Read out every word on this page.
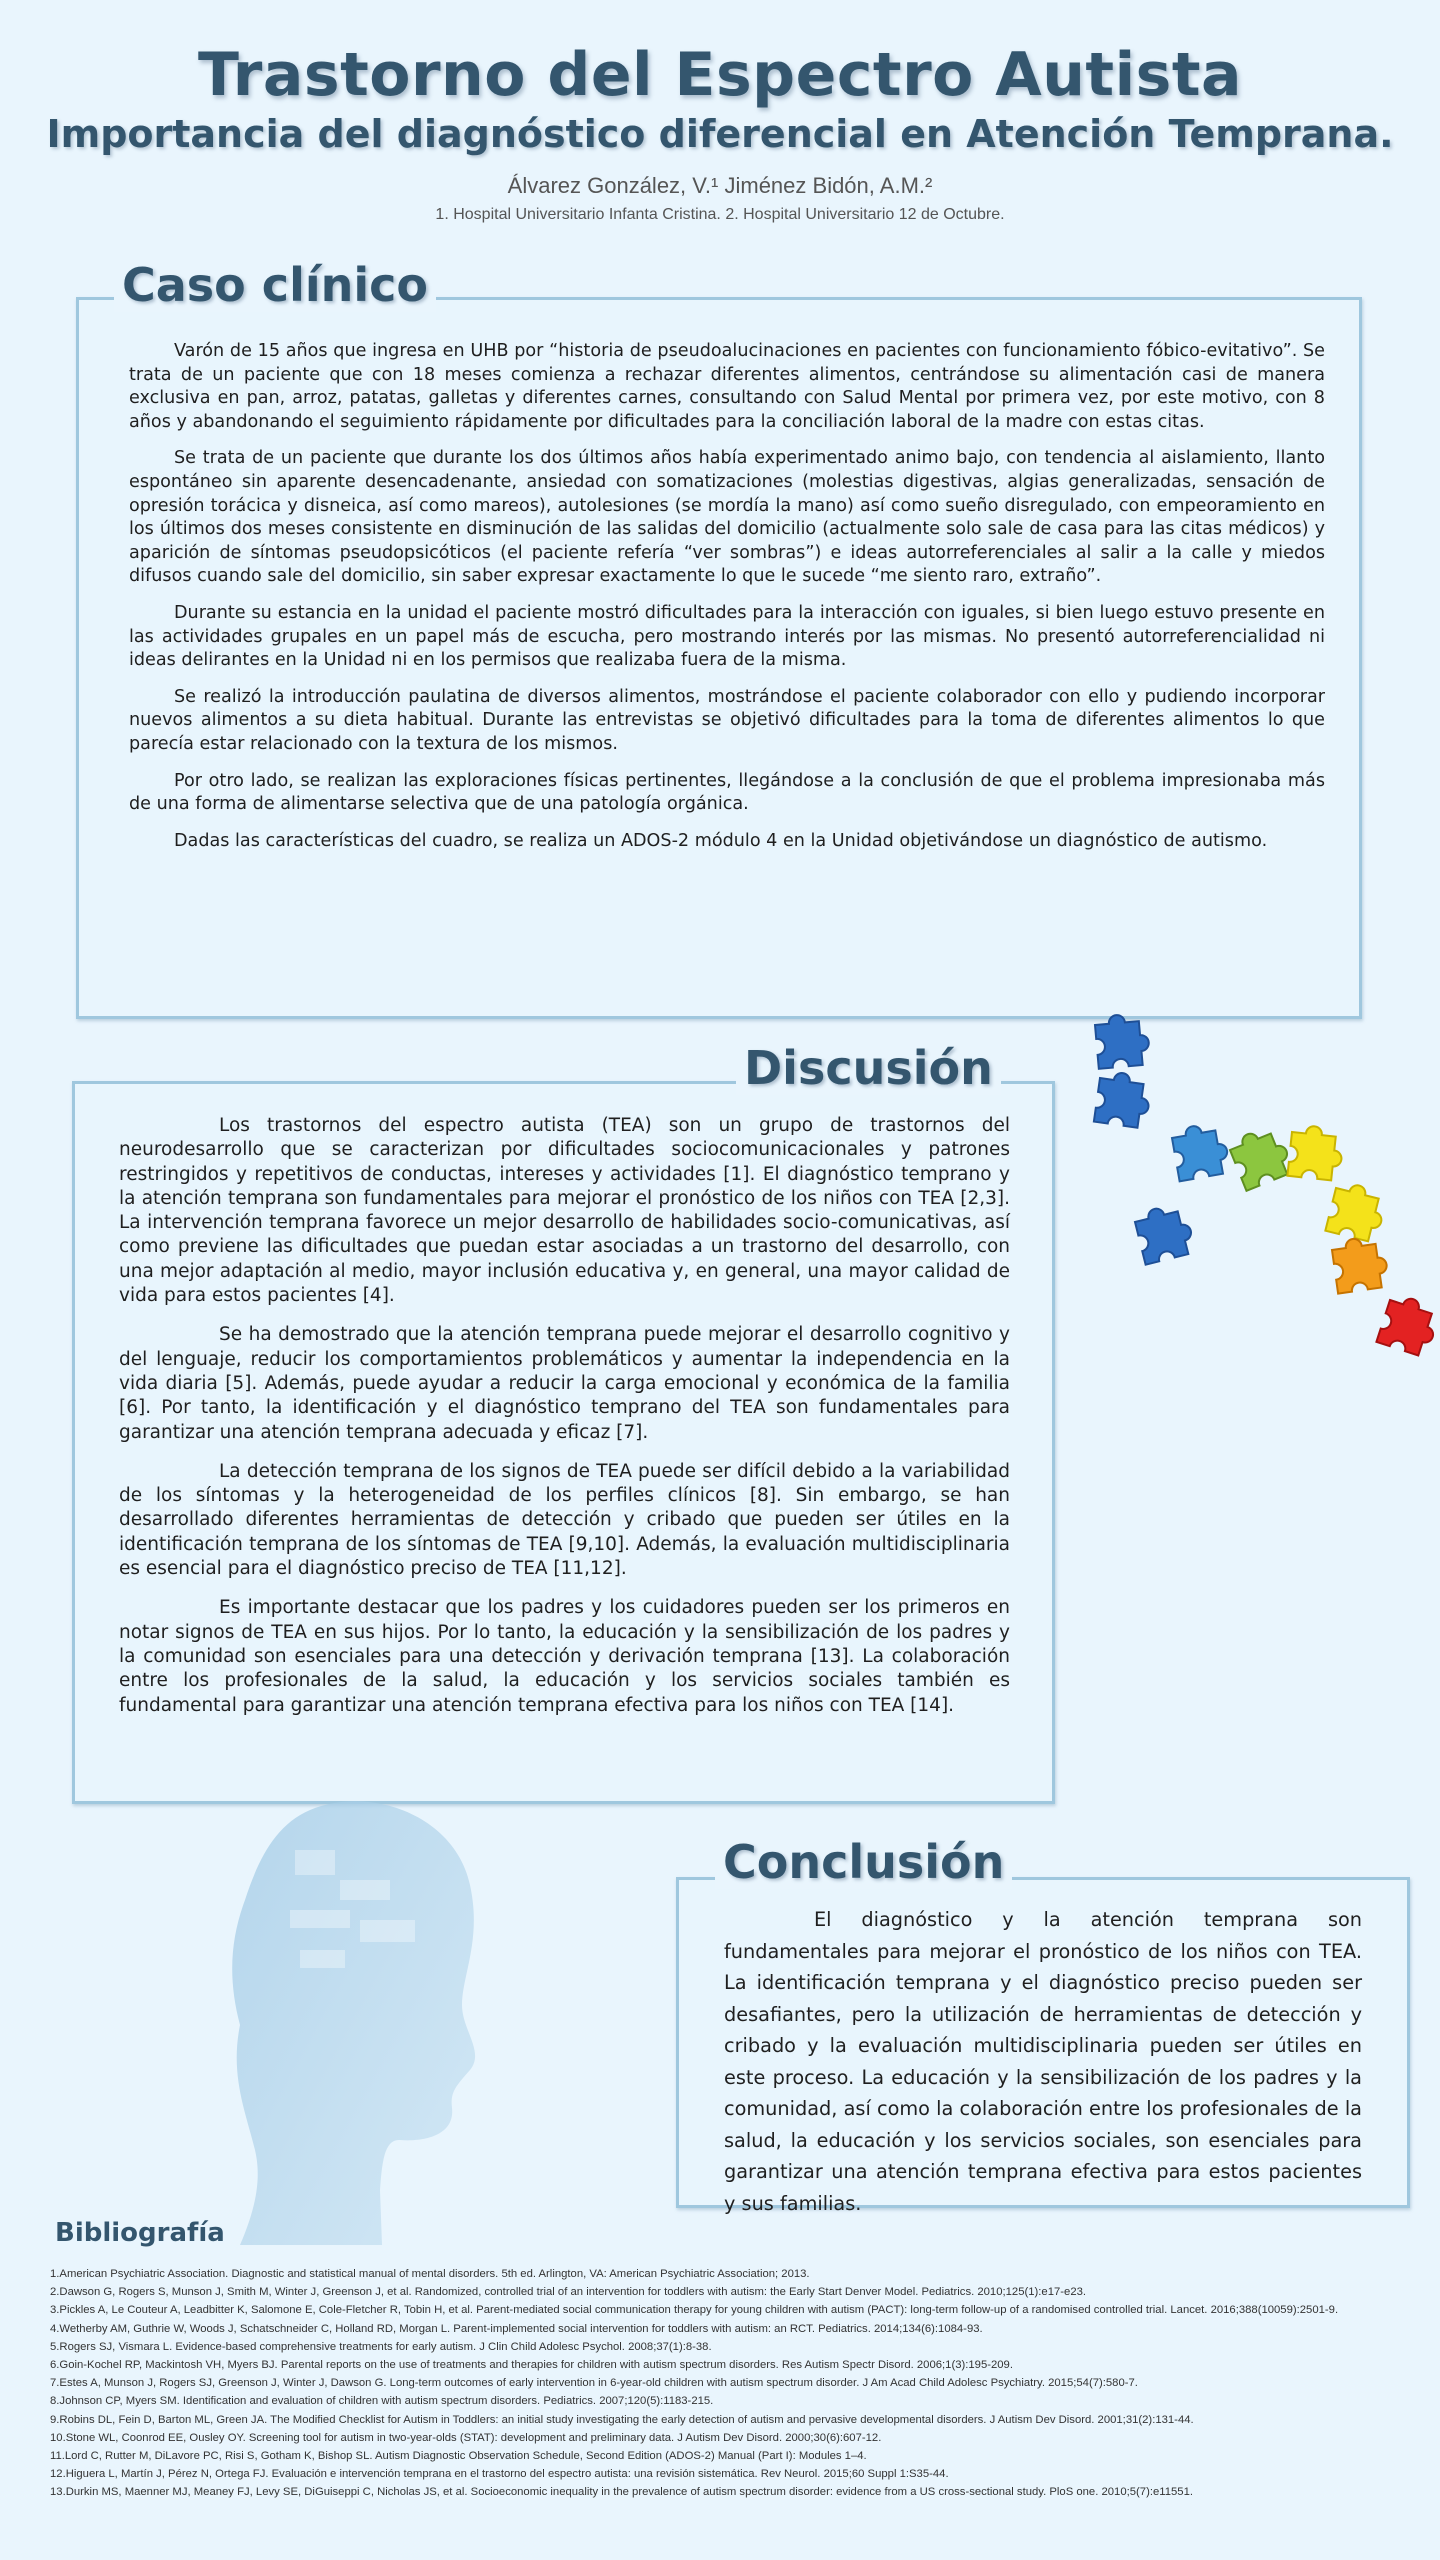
Trastorno del Espectro Autista
Importancia del diagnóstico diferencial en Atención Temprana.
Álvarez González, V.¹ Jiménez Bidón, A.M.²
1. Hospital Universitario Infanta Cristina. 2. Hospital Universitario 12 de Octubre.

Varón de 15 años que ingresa en UHB por “historia de pseudoalucinaciones en pacientes con funcionamiento fóbico-evitativo”. Se trata de un paciente que con 18 meses comienza a rechazar diferentes alimentos, centrándose su alimentación casi de manera exclusiva en pan, arroz, patatas, galletas y diferentes carnes, consultando con Salud Mental por primera vez, por este motivo, con 8 años y abandonando el seguimiento rápidamente por dificultades para la conciliación laboral de la madre con estas citas.

Se trata de un paciente que durante los dos últimos años había experimentado animo bajo, con tendencia al aislamiento, llanto espontáneo sin aparente desencadenante, ansiedad con somatizaciones (molestias digestivas, algias generalizadas, sensación de opresión torácica y disneica, así como mareos), autolesiones (se mordía la mano) así como sueño disregulado, con empeoramiento en los últimos dos meses consistente en disminución de las salidas del domicilio (actualmente solo sale de casa para las citas médicos) y aparición de síntomas pseudopsicóticos (el paciente refería “ver sombras”) e ideas autorreferenciales al salir a la calle y miedos difusos cuando sale del domicilio, sin saber expresar exactamente lo que le sucede “me siento raro, extraño”.

Durante su estancia en la unidad el paciente mostró dificultades para la interacción con iguales, si bien luego estuvo presente en las actividades grupales en un papel más de escucha, pero mostrando interés por las mismas. No presentó autorreferencialidad ni ideas delirantes en la Unidad ni en los permisos que realizaba fuera de la misma.

Se realizó la introducción paulatina de diversos alimentos, mostrándose el paciente colaborador con ello y pudiendo incorporar nuevos alimentos a su dieta habitual. Durante las entrevistas se objetivó dificultades para la toma de diferentes alimentos lo que parecía estar relacionado con la textura de los mismos.

Por otro lado, se realizan las exploraciones físicas pertinentes, llegándose a la conclusión de que el problema impresionaba más de una forma de alimentarse selectiva que de una patología orgánica.

Dadas las características del cuadro, se realiza un ADOS-2 módulo 4 en la Unidad objetivándose un diagnóstico de autismo.

Caso clínico

Los trastornos del espectro autista (TEA) son un grupo de trastornos del neurodesarrollo que se caracterizan por dificultades sociocomunicacionales y patrones restringidos y repetitivos de conductas, intereses y actividades [1]. El diagnóstico temprano y la atención temprana son fundamentales para mejorar el pronóstico de los niños con TEA [2,3]. La intervención temprana favorece un mejor desarrollo de habilidades socio-comunicativas, así como previene las dificultades que puedan estar asociadas a un trastorno del desarrollo, con una mejor adaptación al medio, mayor inclusión educativa y, en general, una mayor calidad de vida para estos pacientes [4].

Se ha demostrado que la atención temprana puede mejorar el desarrollo cognitivo y del lenguaje, reducir los comportamientos problemáticos y aumentar la independencia en la vida diaria [5]. Además, puede ayudar a reducir la carga emocional y económica de la familia [6]. Por tanto, la identificación y el diagnóstico temprano del TEA son fundamentales para garantizar una atención temprana adecuada y eficaz [7].

La detección temprana de los signos de TEA puede ser difícil debido a la variabilidad de los síntomas y la heterogeneidad de los perfiles clínicos [8]. Sin embargo, se han desarrollado diferentes herramientas de detección y cribado que pueden ser útiles en la identificación temprana de los síntomas de TEA [9,10]. Además, la evaluación multidisciplinaria es esencial para el diagnóstico preciso de TEA [11,12].

Es importante destacar que los padres y los cuidadores pueden ser los primeros en notar signos de TEA en sus hijos. Por lo tanto, la educación y la sensibilización de los padres y la comunidad son esenciales para una detección y derivación temprana [13]. La colaboración entre los profesionales de la salud, la educación y los servicios sociales también es fundamental para garantizar una atención temprana efectiva para los niños con TEA [14].

Discusión

El diagnóstico y la atención temprana son fundamentales para mejorar el pronóstico de los niños con TEA. La identificación temprana y el diagnóstico preciso pueden ser desafiantes, pero la utilización de herramientas de detección y cribado y la evaluación multidisciplinaria pueden ser útiles en este proceso. La educación y la sensibilización de los padres y la comunidad, así como la colaboración entre los profesionales de la salud, la educación y los servicios sociales, son esenciales para garantizar una atención temprana efectiva para estos pacientes y sus familias.

Conclusión
Bibliografía
1.American Psychiatric Association. Diagnostic and statistical manual of mental disorders. 5th ed. Arlington, VA: American Psychiatric Association; 2013.
2.Dawson G, Rogers S, Munson J, Smith M, Winter J, Greenson J, et al. Randomized, controlled trial of an intervention for toddlers with autism: the Early Start Denver Model. Pediatrics. 2010;125(1):e17-e23.
3.Pickles A, Le Couteur A, Leadbitter K, Salomone E, Cole-Fletcher R, Tobin H, et al. Parent-mediated social communication therapy for young children with autism (PACT): long-term follow-up of a randomised controlled trial. Lancet. 2016;388(10059):2501-9.
4.Wetherby AM, Guthrie W, Woods J, Schatschneider C, Holland RD, Morgan L. Parent-implemented social intervention for toddlers with autism: an RCT. Pediatrics. 2014;134(6):1084-93.
5.Rogers SJ, Vismara L. Evidence-based comprehensive treatments for early autism. J Clin Child Adolesc Psychol. 2008;37(1):8-38.
6.Goin-Kochel RP, Mackintosh VH, Myers BJ. Parental reports on the use of treatments and therapies for children with autism spectrum disorders. Res Autism Spectr Disord. 2006;1(3):195-209.
7.Estes A, Munson J, Rogers SJ, Greenson J, Winter J, Dawson G. Long-term outcomes of early intervention in 6-year-old children with autism spectrum disorder. J Am Acad Child Adolesc Psychiatry. 2015;54(7):580-7.
8.Johnson CP, Myers SM. Identification and evaluation of children with autism spectrum disorders. Pediatrics. 2007;120(5):1183-215.
9.Robins DL, Fein D, Barton ML, Green JA. The Modified Checklist for Autism in Toddlers: an initial study investigating the early detection of autism and pervasive developmental disorders. J Autism Dev Disord. 2001;31(2):131-44.
10.Stone WL, Coonrod EE, Ousley OY. Screening tool for autism in two-year-olds (STAT): development and preliminary data. J Autism Dev Disord. 2000;30(6):607-12.
11.Lord C, Rutter M, DiLavore PC, Risi S, Gotham K, Bishop SL. Autism Diagnostic Observation Schedule, Second Edition (ADOS-2) Manual (Part I): Modules 1–4.
12.Higuera L, Martín J, Pérez N, Ortega FJ. Evaluación e intervención temprana en el trastorno del espectro autista: una revisión sistemática. Rev Neurol. 2015;60 Suppl 1:S35-44.
13.Durkin MS, Maenner MJ, Meaney FJ, Levy SE, DiGuiseppi C, Nicholas JS, et al. Socioeconomic inequality in the prevalence of autism spectrum disorder: evidence from a US cross-sectional study. PloS one. 2010;5(7):e11551.
